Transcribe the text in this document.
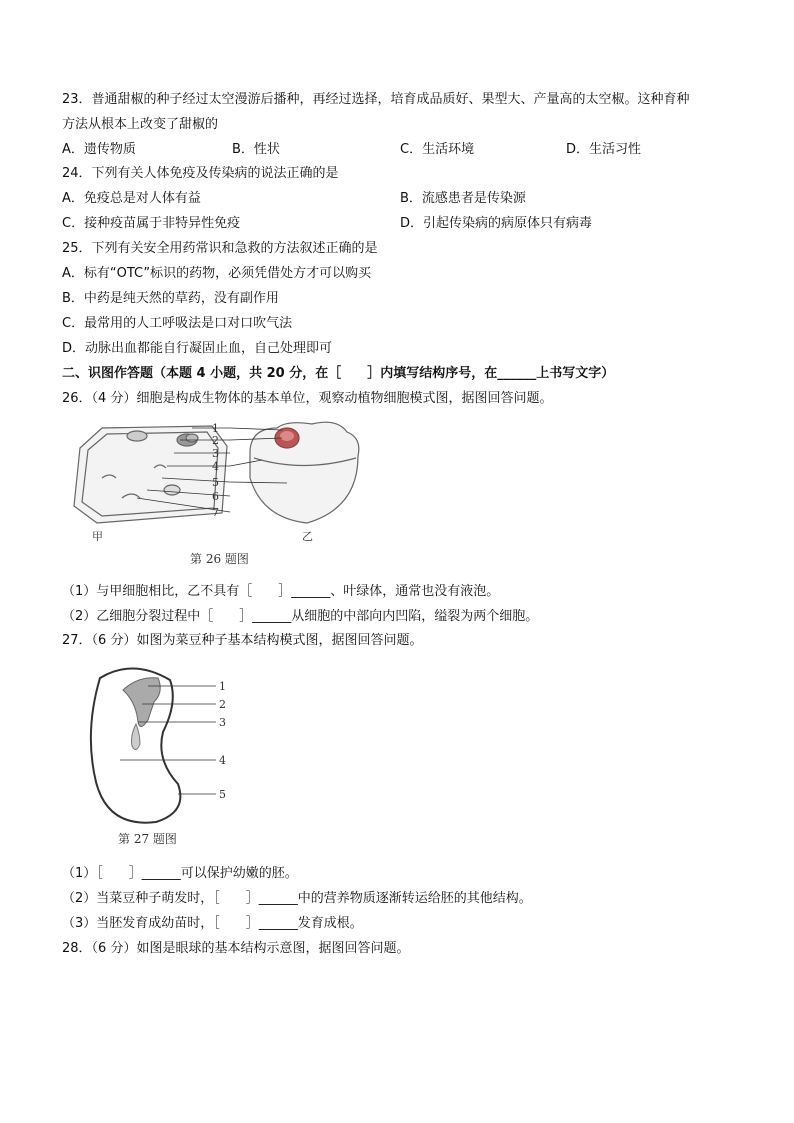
23．普通甜椒的种子经过太空漫游后播种，再经过选择，培育成品质好、果型大、产量高的太空椒。这种育种
方法从根本上改变了甜椒的
A．遗传物质	B．性状	C．生活环境	D．生活习性
24．下列有关人体免疫及传染病的说法正确的是
A．免疫总是对人体有益	B．流感患者是传染源
C．接种疫苗属于非特异性免疫	D．引起传染病的病原体只有病毒
25．下列有关安全用药常识和急救的方法叙述正确的是
A．标有“OTC”标识的药物，必须凭借处方才可以购买
B．中药是纯天然的草药，没有副作用
C．最常用的人工呼吸法是口对口吹气法
D．动脉出血都能自行凝固止血，自己处理即可
二、识图作答题（本题 4 小题，共 20 分，在［　　］内填写结构序号，在______上书写文字）
26．（4 分）细胞是构成生物体的基本单位，观察动植物细胞模式图，据图回答问题。
1
2
3
4
5
6
7
甲	乙
第 26 题图
（1）与甲细胞相比，乙不具有［　　］______、叶绿体，通常也没有液泡。
（2）乙细胞分裂过程中［　　］______从细胞的中部向内凹陷，缢裂为两个细胞。
27．（6 分）如图为菜豆种子基本结构模式图，据图回答问题。
1
2
3
4
5
第 27 题图
（1）［　　］______可以保护幼嫩的胚。
（2）当菜豆种子萌发时，［　　］______中的营养物质逐渐转运给胚的其他结构。
（3）当胚发育成幼苗时，［　　］______发育成根。
28．（6 分）如图是眼球的基本结构示意图，据图回答问题。
